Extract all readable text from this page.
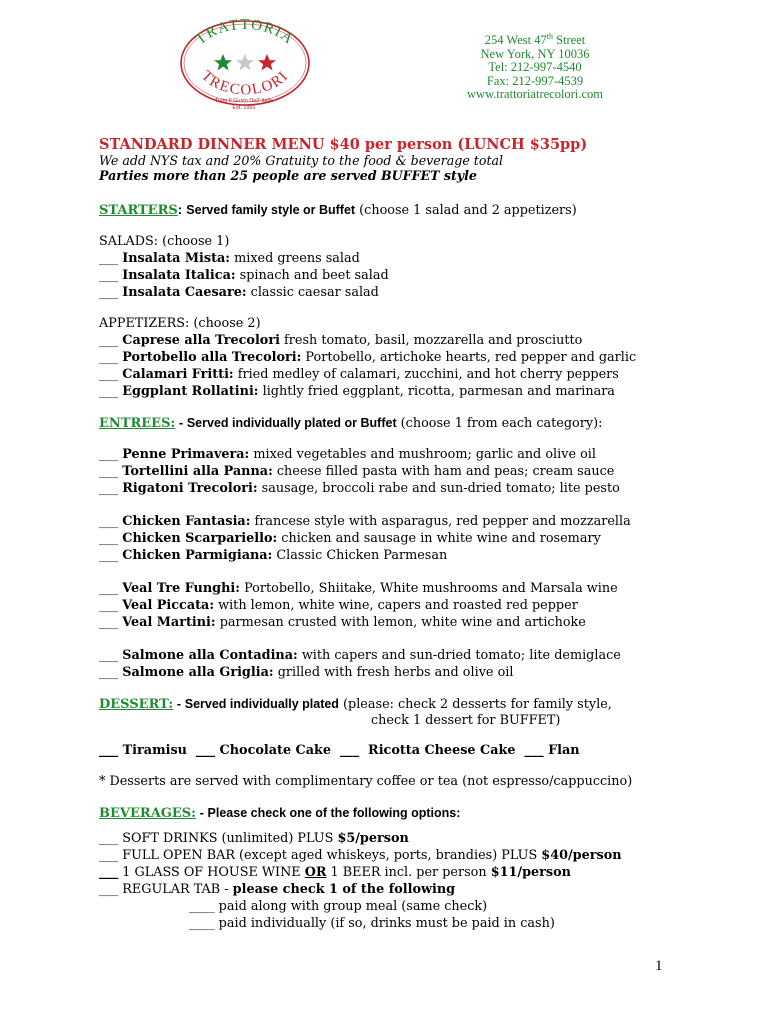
TRATTORIA
TRECOLORI
Tutto Il Gusto Dell' Italia
Est. 1991
254 West 47th Street
New York, NY 10036
Tel: 212-997-4540
Fax: 212-997-4539
www.trattoriatrecolori.com
STANDARD DINNER MENU $40 per person (LUNCH $35pp)
We add NYS tax and 20% Gratuity to the food & beverage total
Parties more than 25 people are served BUFFET style
STARTERS: Served family style or Buffet (choose 1 salad and 2 appetizers)
SALADS: (choose 1)
___ Insalata Mista: mixed greens salad
___ Insalata Italica: spinach and beet salad
___ Insalata Caesare: classic caesar salad
APPETIZERS: (choose 2)
___ Caprese alla Trecolori fresh tomato, basil, mozzarella and prosciutto
___ Portobello alla Trecolori: Portobello, artichoke hearts, red pepper and garlic
___ Calamari Fritti: fried medley of calamari, zucchini, and hot cherry peppers
___ Eggplant Rollatini: lightly fried eggplant, ricotta, parmesan and marinara
ENTREES: - Served individually plated or Buffet (choose 1 from each category):
___ Penne Primavera: mixed vegetables and mushroom; garlic and olive oil
___ Tortellini alla Panna: cheese filled pasta with ham and peas; cream sauce
___ Rigatoni Trecolori: sausage, broccoli rabe and sun-dried tomato; lite pesto
___ Chicken Fantasia: francese style with asparagus, red pepper and mozzarella
___ Chicken Scarpariello: chicken and sausage in white wine and rosemary
___ Chicken Parmigiana: Classic Chicken Parmesan
___ Veal Tre Funghi: Portobello, Shiitake, White mushrooms and Marsala wine
___ Veal Piccata: with lemon, white wine, capers and roasted red pepper
___ Veal Martini: parmesan crusted with lemon, white wine and artichoke
___ Salmone alla Contadina: with capers and sun-dried tomato; lite demiglace
___ Salmone alla Griglia: grilled with fresh herbs and olive oil
DESSERT: - Served individually plated (please: check 2 desserts for family style,
check 1 dessert for BUFFET)
___ Tiramisu  ___ Chocolate Cake  ___  Ricotta Cheese Cake  ___ Flan
* Desserts are served with complimentary coffee or tea (not espresso/cappuccino)
BEVERAGES: - Please check one of the following options:
___ SOFT DRINKS (unlimited) PLUS $5/person
___ FULL OPEN BAR (except aged whiskeys, ports, brandies) PLUS $40/person
___ 1 GLASS OF HOUSE WINE OR 1 BEER incl. per person $11/person
___ REGULAR TAB - please check 1 of the following
____ paid along with group meal (same check)
____ paid individually (if so, drinks must be paid in cash)
1
